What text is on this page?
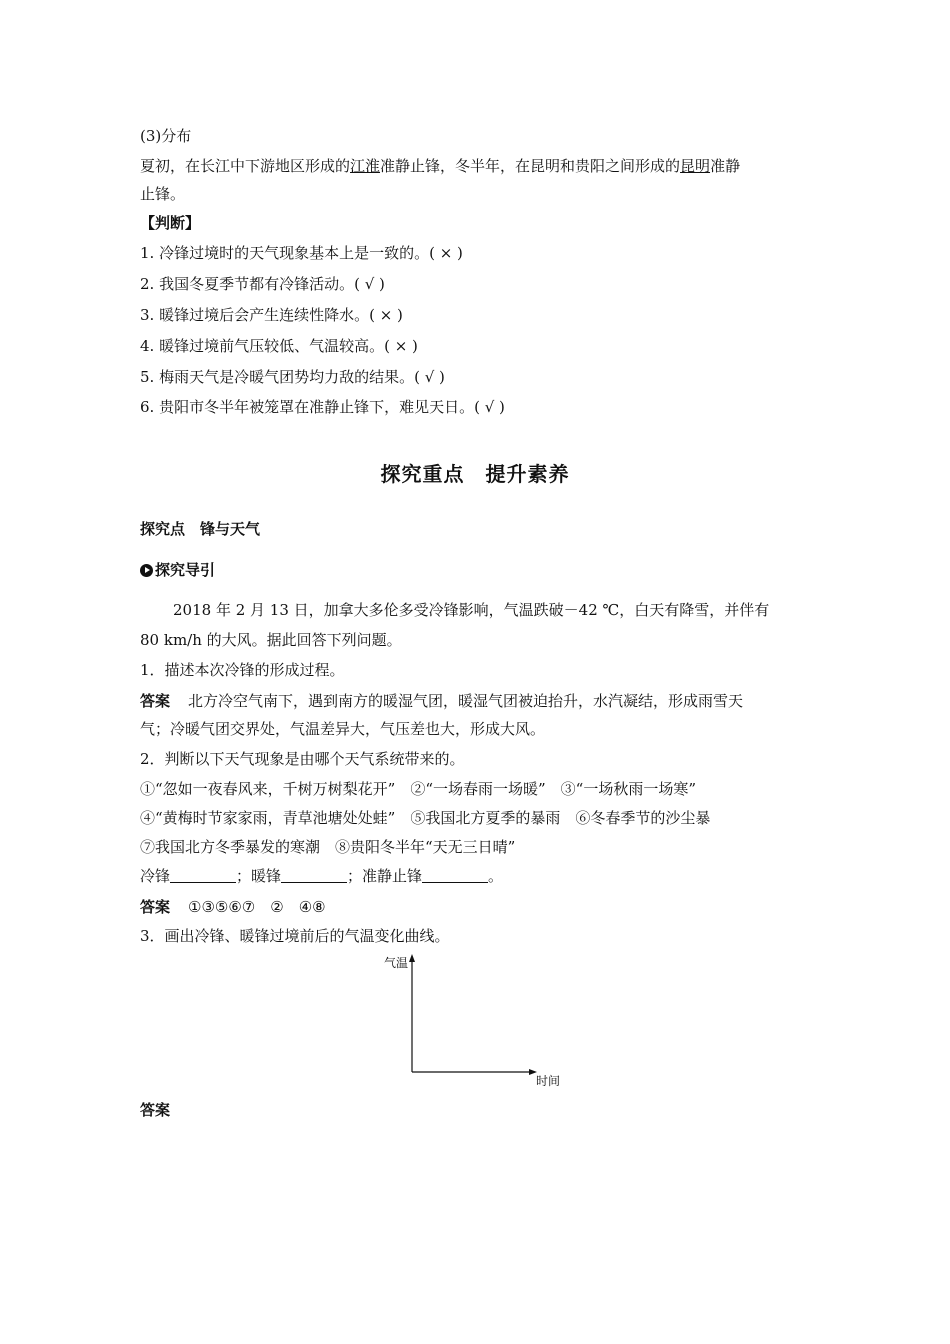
(3)分布
夏初，在长江中下游地区形成的江淮准静止锋，冬半年，在昆明和贵阳之间形成的昆明准静
止锋。
【判断】
1. 冷锋过境时的天气现象基本上是一致的。( × )
2. 我国冬夏季节都有冷锋活动。( √ )
3. 暖锋过境后会产生连续性降水。( × )
4. 暖锋过境前气压较低、气温较高。( × )
5. 梅雨天气是冷暖气团势均力敌的结果。( √ )
6. 贵阳市冬半年被笼罩在准静止锋下，难见天日。( √ )
探究重点　提升素养
探究点　锋与天气
探究导引
2018 年 2 月 13 日，加拿大多伦多受冷锋影响，气温跌破－42 ℃，白天有降雪，并伴有
80 km/h 的大风。据此回答下列问题。
1．描述本次冷锋的形成过程。
答案 北方冷空气南下，遇到南方的暖湿气团，暖湿气团被迫抬升，水汽凝结，形成雨雪天
气；冷暖气团交界处，气温差异大，气压差也大，形成大风。
2．判断以下天气现象是由哪个天气系统带来的。
①“忽如一夜春风来，千树万树梨花开”　②“一场春雨一场暖”　③“一场秋雨一场寒”
④“黄梅时节家家雨，青草池塘处处蛙”　⑤我国北方夏季的暴雨　⑥冬春季节的沙尘暴
⑦我国北方冬季暴发的寒潮　⑧贵阳冬半年“天无三日晴”
冷锋	；暖锋	；准静止锋	。
答案 ①③⑤⑥⑦　②　④⑧
3．画出冷锋、暖锋过境前后的气温变化曲线。
气温
时间
答案
